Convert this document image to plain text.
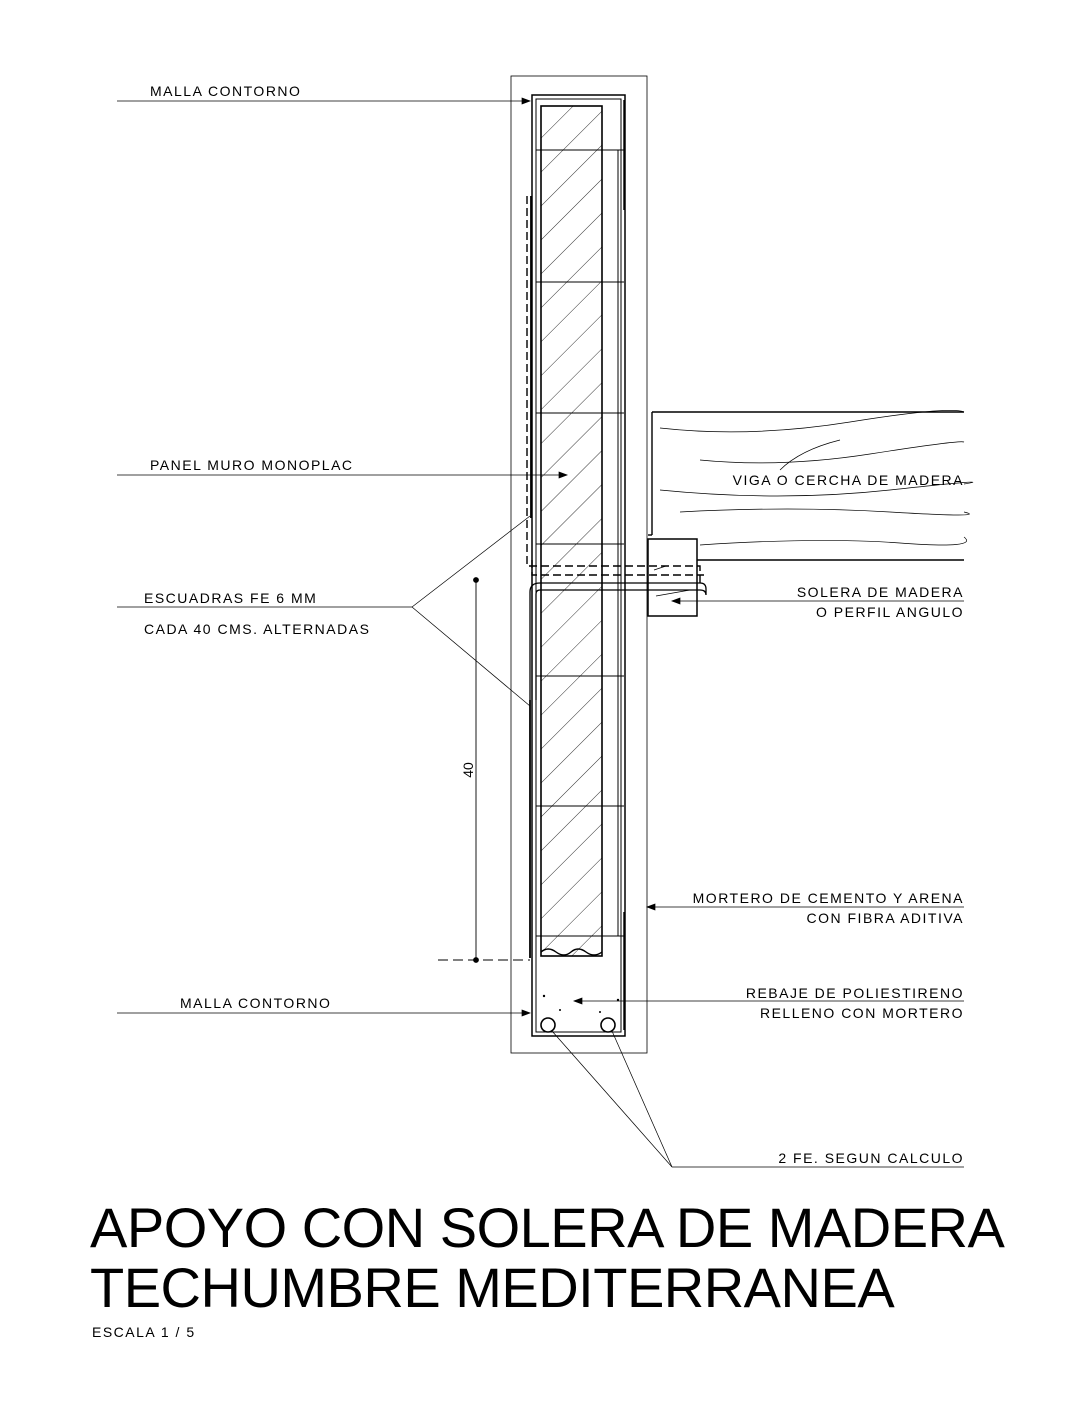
MALLA CONTORNO
PANEL MURO MONOPLAC
ESCUADRAS FE 6 MM
CADA 40 CMS. ALTERNADAS
MALLA CONTORNO
VIGA O CERCHA DE MADERA
SOLERA DE MADERA
O PERFIL ANGULO
MORTERO DE CEMENTO Y ARENA
CON FIBRA ADITIVA
REBAJE DE POLIESTIRENO
RELLENO CON MORTERO
2 FE. SEGUN CALCULO
40
APOYO CON SOLERA DE MADERA
TECHUMBRE MEDITERRANEA
ESCALA 1 / 5
